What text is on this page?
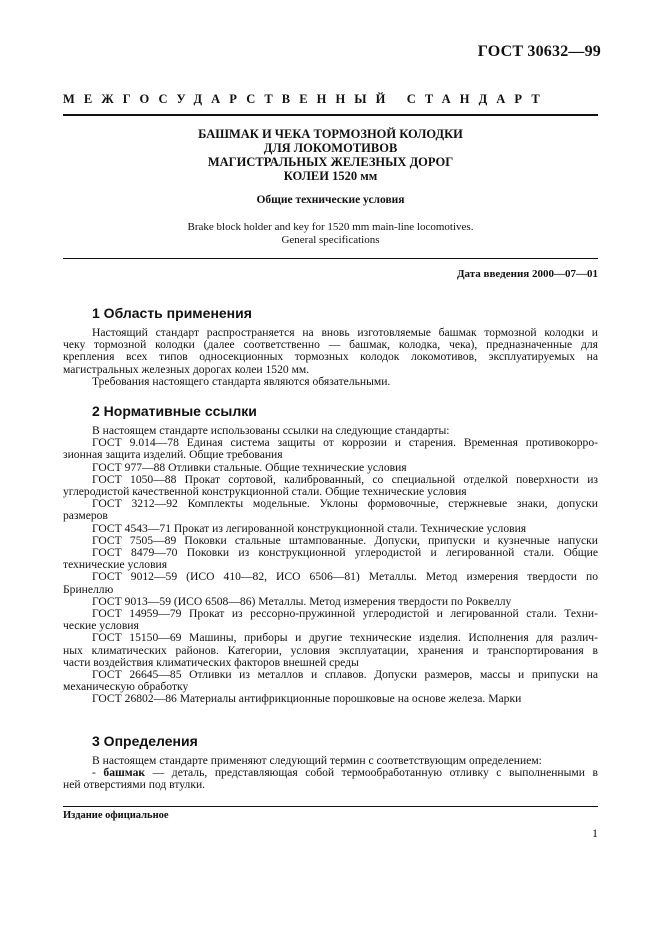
ГОСТ 30632—99
МЕЖГОСУДАРСТВЕННЫЙ СТАНДАРТ
БАШМАК И ЧЕКА ТОРМОЗНОЙ КОЛОДКИ
ДЛЯ ЛОКОМОТИВОВ
МАГИСТРАЛЬНЫХ ЖЕЛЕЗНЫХ ДОРОГ
КОЛЕИ 1520 мм
Общие технические условия
Brake block holder and key for 1520 mm main-line locomotives.
General specifications
Дата введения 2000—07—01
1 Область применения
Настоящий стандарт распространяется на вновь изготовляемые башмак тормозной колодки и
чеку тормозной колодки (далее соответственно — башмак, колодка, чека), предназначенные для
крепления всех типов односекционных тормозных колодок локомотивов, эксплуатируемых на
магистральных железных дорогах колеи 1520 мм.
Требования настоящего стандарта являются обязательными.
2 Нормативные ссылки
В настоящем стандарте использованы ссылки на следующие стандарты:
ГОСТ 9.014—78 Единая система защиты от коррозии и старения. Временная противокорро-
зионная защита изделий. Общие требования
ГОСТ 977—88 Отливки стальные. Общие технические условия
ГОСТ 1050—88 Прокат сортовой, калиброванный, со специальной отделкой поверхности из
углеродистой качественной конструкционной стали. Общие технические условия
ГОСТ 3212—92 Комплекты модельные. Уклоны формовочные, стержневые знаки, допуски
размеров
ГОСТ 4543—71 Прокат из легированной конструкционной стали. Технические условия
ГОСТ 7505—89 Поковки стальные штампованные. Допуски, припуски и кузнечные напуски
ГОСТ 8479—70 Поковки из конструкционной углеродистой и легированной стали. Общие
технические условия
ГОСТ 9012—59 (ИСО 410—82, ИСО 6506—81) Металлы. Метод измерения твердости по
Бринеллю
ГОСТ 9013—59 (ИСО 6508—86) Металлы. Метод измерения твердости по Роквеллу
ГОСТ 14959—79 Прокат из рессорно-пружинной углеродистой и легированной стали. Техни-
ческие условия
ГОСТ 15150—69 Машины, приборы и другие технические изделия. Исполнения для различ-
ных климатических районов. Категории, условия эксплуатации, хранения и транспортирования в
части воздействия климатических факторов внешней среды
ГОСТ 26645—85 Отливки из металлов и сплавов. Допуски размеров, массы и припуски на
механическую обработку
ГОСТ 26802—86 Материалы антифрикционные порошковые на основе железа. Марки
3 Определения
В настоящем стандарте применяют следующий термин с соответствующим определением:
- башмак — деталь, представляющая собой термообработанную отливку с выполненными в
ней отверстиями под втулки.
Издание официальное
1
